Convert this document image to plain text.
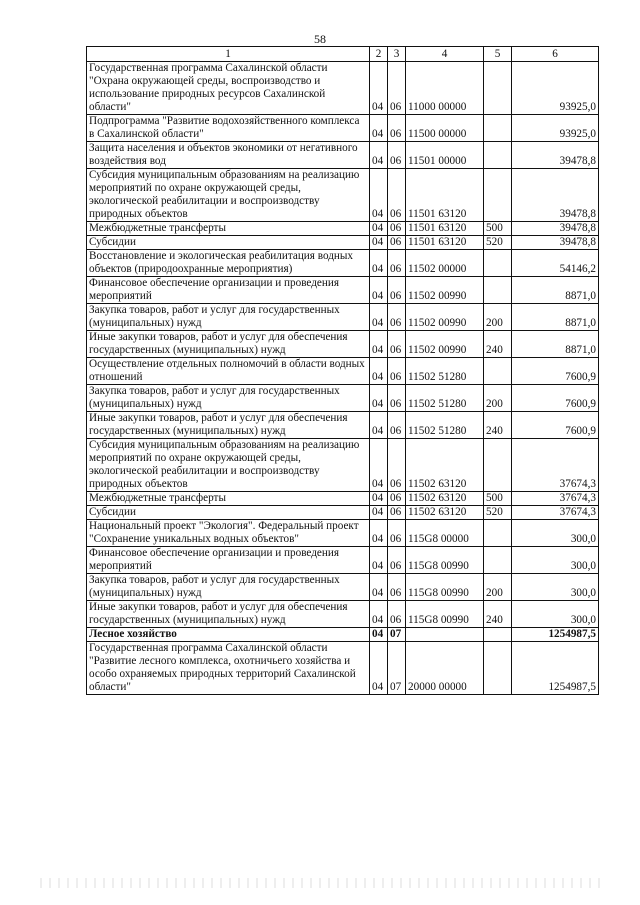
58
1	2	3	4	5	6
Государственная программа Сахалинской области "Охрана окружающей среды, воспроизводство и использование природных ресурсов Сахалинской области"	04	06	11000 00000		93925,0
Подпрограмма "Развитие водохозяйственного комплекса в Сахалинской области"	04	06	11500 00000		93925,0
Защита населения и объектов экономики от негативного воздействия вод	04	06	11501 00000		39478,8
Субсидия муниципальным образованиям на реализацию мероприятий по охране окружающей среды, экологической реабилитации и воспроизводству природных объектов	04	06	11501 63120		39478,8
Межбюджетные трансферты	04	06	11501 63120	500	39478,8
Субсидии	04	06	11501 63120	520	39478,8
Восстановление и экологическая реабилитация водных объектов (природоохранные мероприятия)	04	06	11502 00000		54146,2
Финансовое обеспечение организации и проведения мероприятий	04	06	11502 00990		8871,0
Закупка товаров, работ и услуг для государственных (муниципальных) нужд	04	06	11502 00990	200	8871,0
Иные закупки товаров, работ и услуг для обеспечения государственных (муниципальных) нужд	04	06	11502 00990	240	8871,0
Осуществление отдельных полномочий в области водных отношений	04	06	11502 51280		7600,9
Закупка товаров, работ и услуг для государственных (муниципальных) нужд	04	06	11502 51280	200	7600,9
Иные закупки товаров, работ и услуг для обеспечения государственных (муниципальных) нужд	04	06	11502 51280	240	7600,9
Субсидия муниципальным образованиям на реализацию мероприятий по охране окружающей среды, экологической реабилитации и воспроизводству природных объектов	04	06	11502 63120		37674,3
Межбюджетные трансферты	04	06	11502 63120	500	37674,3
Субсидии	04	06	11502 63120	520	37674,3
Национальный проект "Экология". Федеральный проект "Сохранение уникальных водных объектов"	04	06	115G8 00000		300,0
Финансовое обеспечение организации и проведения мероприятий	04	06	115G8 00990		300,0
Закупка товаров, работ и услуг для государственных (муниципальных) нужд	04	06	115G8 00990	200	300,0
Иные закупки товаров, работ и услуг для обеспечения государственных (муниципальных) нужд	04	06	115G8 00990	240	300,0
Лесное хозяйство	04	07			1254987,5
Государственная программа Сахалинской области "Развитие лесного комплекса, охотничьего хозяйства и особо охраняемых природных территорий Сахалинской области"	04	07	20000 00000		1254987,5
